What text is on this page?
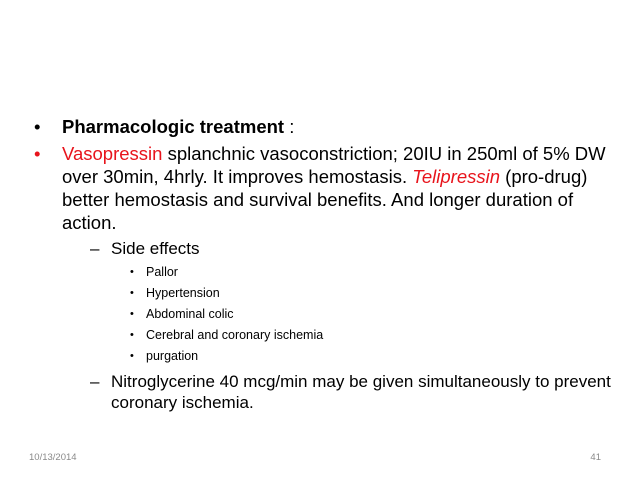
• Pharmacologic treatment :
• Vasopressin splanchnic vasoconstriction; 20IU in 250ml of 5% DW over 30min, 4hrly. It improves hemostasis. Telipressin (pro-drug) better hemostasis and survival benefits. And longer duration of action.
– Side effects
• Pallor
• Hypertension
• Abdominal colic
• Cerebral and coronary ischemia
• purgation
– Nitroglycerine 40 mcg/min may be given simultaneously to prevent coronary ischemia.
10/13/2014	41
